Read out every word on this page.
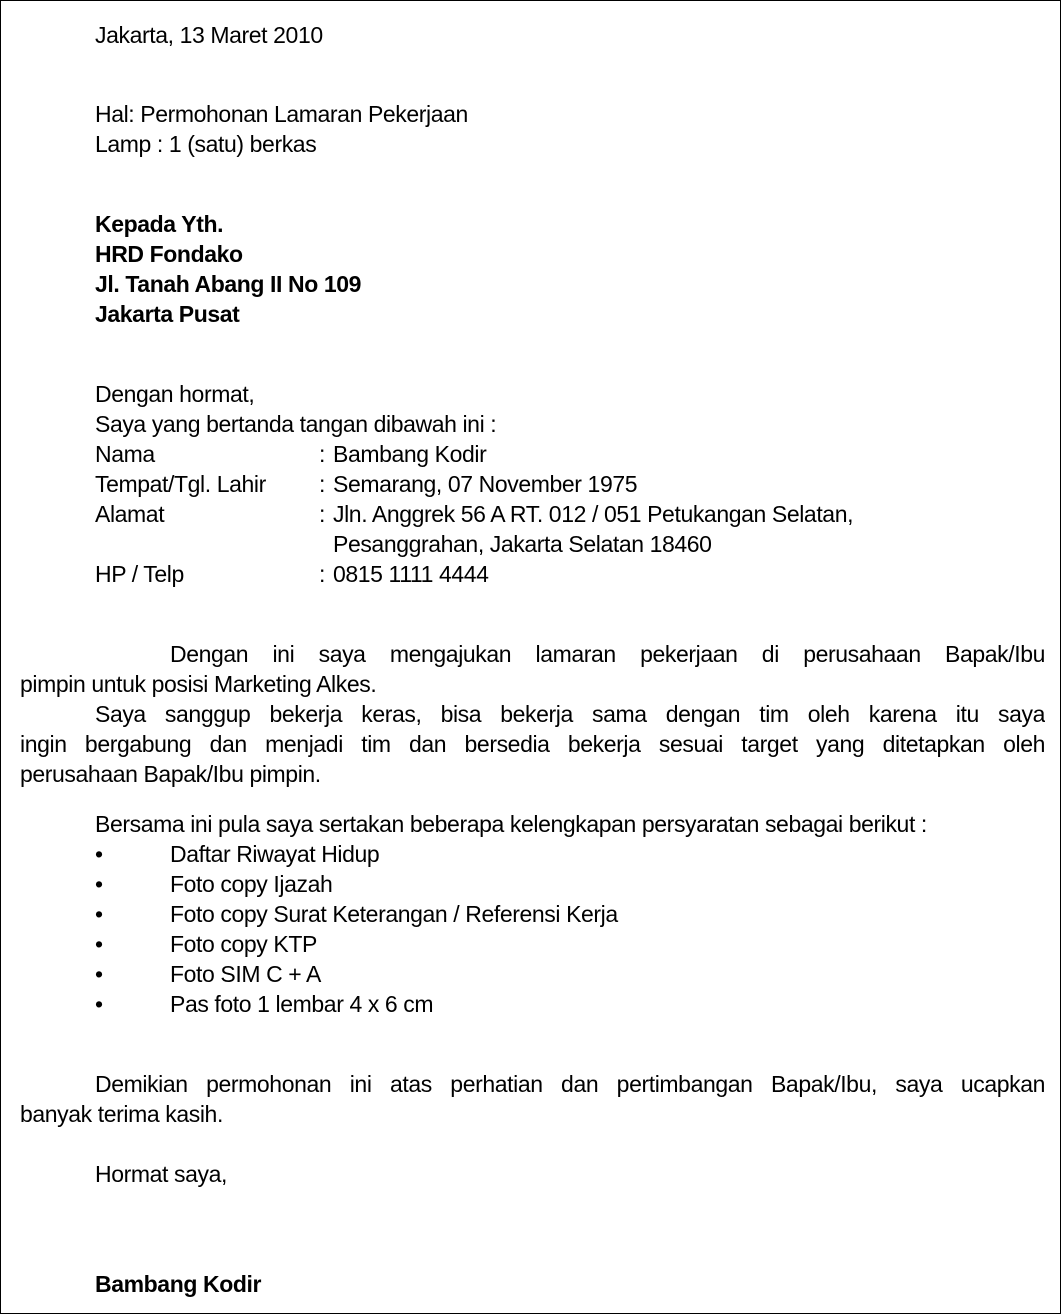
Jakarta, 13 Maret 2010
Hal: Permohonan Lamaran Pekerjaan
Lamp : 1 (satu) berkas
Kepada Yth.
HRD Fondako
Jl. Tanah Abang II No 109
Jakarta Pusat
Dengan hormat,
Saya yang bertanda tangan dibawah ini :
Nama	: Bambang Kodir
Tempat/Tgl. Lahir : Semarang, 07 November 1975
Alamat	: Jln. Anggrek 56 A RT. 012 / 051 Petukangan Selatan,
Pesanggrahan, Jakarta Selatan 18460
HP / Telp	: 0815 1111 4444
Dengan ini saya mengajukan lamaran pekerjaan di perusahaan Bapak/Ibu
pimpin untuk posisi Marketing Alkes.
Saya sanggup bekerja keras, bisa bekerja sama dengan tim oleh karena itu saya
ingin bergabung dan menjadi tim dan bersedia bekerja sesuai target yang ditetapkan oleh
perusahaan Bapak/Ibu pimpin.
Bersama ini pula saya sertakan beberapa kelengkapan persyaratan sebagai berikut :
•	Daftar Riwayat Hidup
•	Foto copy Ijazah
•	Foto copy Surat Keterangan / Referensi Kerja
•	Foto copy KTP
•	Foto SIM C + A
•	Pas foto 1 lembar 4 x 6 cm
Demikian permohonan ini atas perhatian dan pertimbangan Bapak/Ibu, saya ucapkan
banyak terima kasih.
Hormat saya,
Bambang Kodir
